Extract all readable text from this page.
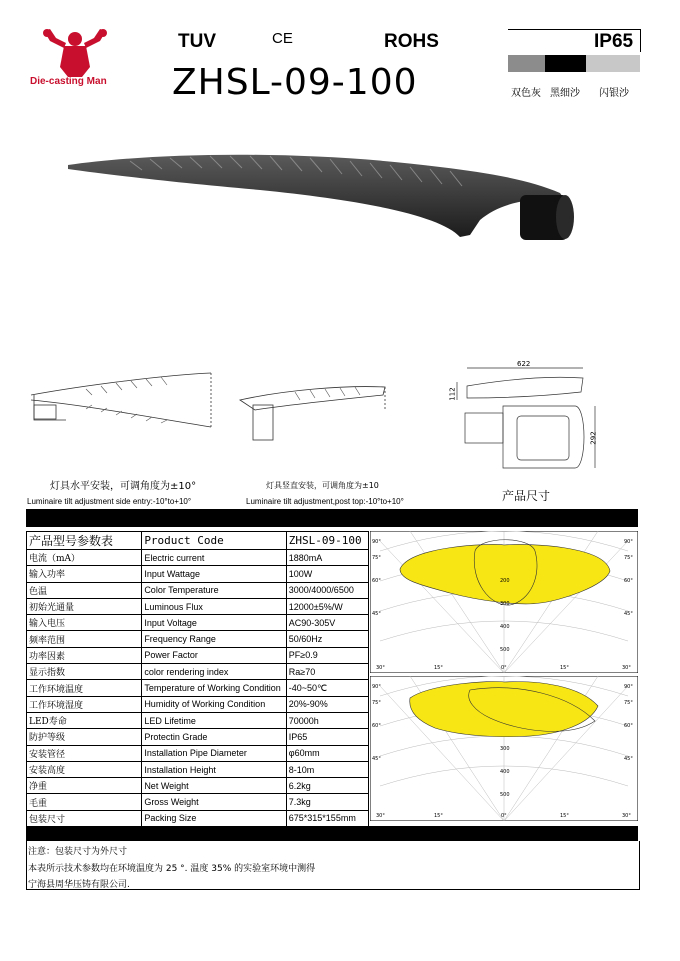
Die-casting Man
TUV	CE	ROHS	IP65
ZHSL-09-100	双色灰 黑细沙 闪银沙
622
112
292
灯具水平安装，可调角度为±10°
Luminaire tilt adjustment side entry:-10°to+10°
灯具竖直安装，可调角度为±10
Luminaire tilt adjustment,post top:-10°to+10°	产品尺寸
产品型号参数表	Product Code	ZHSL-09-100
电流（mA）	Electric current	1880mA
输入功率	Input Wattage	100W
色温	Color Temperature	3000/4000/6500
初始光通量	Luminous Flux	12000±5%/W
输入电压	Input Voltage	AC90-305V
频率范围	Frequency Range	50/60Hz
功率因素	Power Factor	PF≥0.9
显示指数	color rendering index	Ra≥70
工作环境温度	Temperature of Working Condition	-40~50℃
工作环境湿度	Humidity of Working Condition	20%-90%
LED寿命	LED Lifetime	70000h
防护等级	Protectin Grade	IP65
安装管径	Installation Pipe Diameter	φ60mm
安装高度	Installation Height	8-10m
净重	Net Weight	6.2kg
毛重	Gross Weight	7.3kg
包装尺寸	Packing Size	675*315*155mm
90°
75°
60°
45°
90°
75°
60°
45°
200
300
400
500
30°	15°	0°	15°	30°
90°
75°
60°
45°
90°
75°
60°
45°
300
400
500
30°	15°	0°	15°	30°
注意：包装尺寸为外尺寸
本表所示技术参数均在环境温度为 25 °. 温度 35% 的实验室环境中测得
宁海县周华压铸有限公司.
